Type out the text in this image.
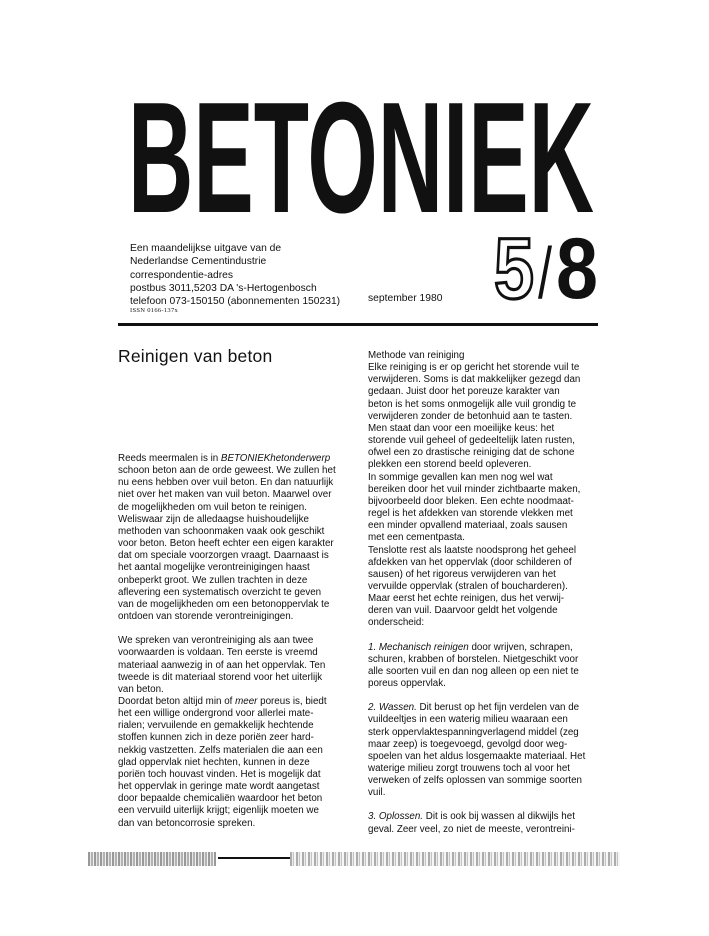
BETONIEK
Een maandelijkse uitgave van de
Nederlandse Cementindustrie
correspondentie-adres
postbus 3011,5203 DA 's-Hertogenbosch
telefoon 073-150150 (abonnementen 150231)
ISSN 0166-137x
september 1980 5 / 8
Reinigen van beton

Reeds meermalen is in BETONIEKhetonderwerp
schoon beton aan de orde geweest. We zullen het
nu eens hebben over vuil beton. En dan natuurlijk
niet over het maken van vuil beton. Maarwel over
de mogelijkheden om vuil beton te reinigen.
Weliswaar zijn de alledaagse huishoudelijke
methoden van schoonmaken vaak ook geschikt
voor beton. Beton heeft echter een eigen karakter
dat om speciale voorzorgen vraagt. Daarnaast is
het aantal mogelijke verontreinigingen haast
onbeperkt groot. We zullen trachten in deze
aflevering een systematisch overzicht te geven
van de mogelijkheden om een betonoppervlak te
ontdoen van storende verontreinigingen.

We spreken van verontreiniging als aan twee
voorwaarden is voldaan. Ten eerste is vreemd
materiaal aanwezig in of aan het oppervlak. Ten
tweede is dit materiaal storend voor het uiterlijk
van beton.

Doordat beton altijd min of meer poreus is, biedt
het een willige ondergrond voor allerlei mate-
rialen; vervuilende en gemakkelijk hechtende
stoffen kunnen zich in deze poriën zeer hard-
nekkig vastzetten. Zelfs materialen die aan een
glad oppervlak niet hechten, kunnen in deze
poriën toch houvast vinden. Het is mogelijk dat
het oppervlak in geringe mate wordt aangetast
door bepaalde chemicaliën waardoor het beton
een vervuild uiterlijk krijgt; eigenlijk moeten we
dan van betoncorrosie spreken.

Methode van reiniging
Elke reiniging is er op gericht het storende vuil te
verwijderen. Soms is dat makkelijker gezegd dan
gedaan. Juist door het poreuze karakter van
beton is het soms onmogelijk alle vuil grondig te
verwijderen zonder de betonhuid aan te tasten.
Men staat dan voor een moeilijke keus: het
storende vuil geheel of gedeeltelijk laten rusten,
ofwel een zo drastische reiniging dat de schone
plekken een storend beeld opleveren.
In sommige gevallen kan men nog wel wat
bereiken door het vuil rninder zichtbaarte maken,
bijvoorbeeld door bleken. Een echte noodmaat-
regel is het afdekken van storende vlekken met
een minder opvallend materiaal, zoals sausen
met een cementpasta.
Tenslotte rest als laatste noodsprong het geheel
afdekken van het oppervlak (door schilderen of
sausen) of het rigoreus verwijderen van het
vervuilde oppervlak (stralen of boucharderen).
Maar eerst het echte reinigen, dus het verwij-
deren van vuil. Daarvoor geldt het volgende
onderscheid:

1. Mechanisch reinigen door wrijven, schrapen,
schuren, krabben of borstelen. Nietgeschikt voor
alle soorten vuil en dan nog alleen op een niet te
poreus oppervlak.

2. Wassen. Dit berust op het fijn verdelen van de
vuildeeltjes in een waterig milieu waaraan een
sterk oppervlaktespanningverlagend middel (zeg
maar zeep) is toegevoegd, gevolgd door weg-
spoelen van het aldus losgemaakte materiaal. Het
waterige milieu zorgt trouwens toch al voor het
verweken of zelfs oplossen van sommige soorten
vuil.

3. Oplossen. Dit is ook bij wassen al dikwijls het
geval. Zeer veel, zo niet de meeste, verontreini-
